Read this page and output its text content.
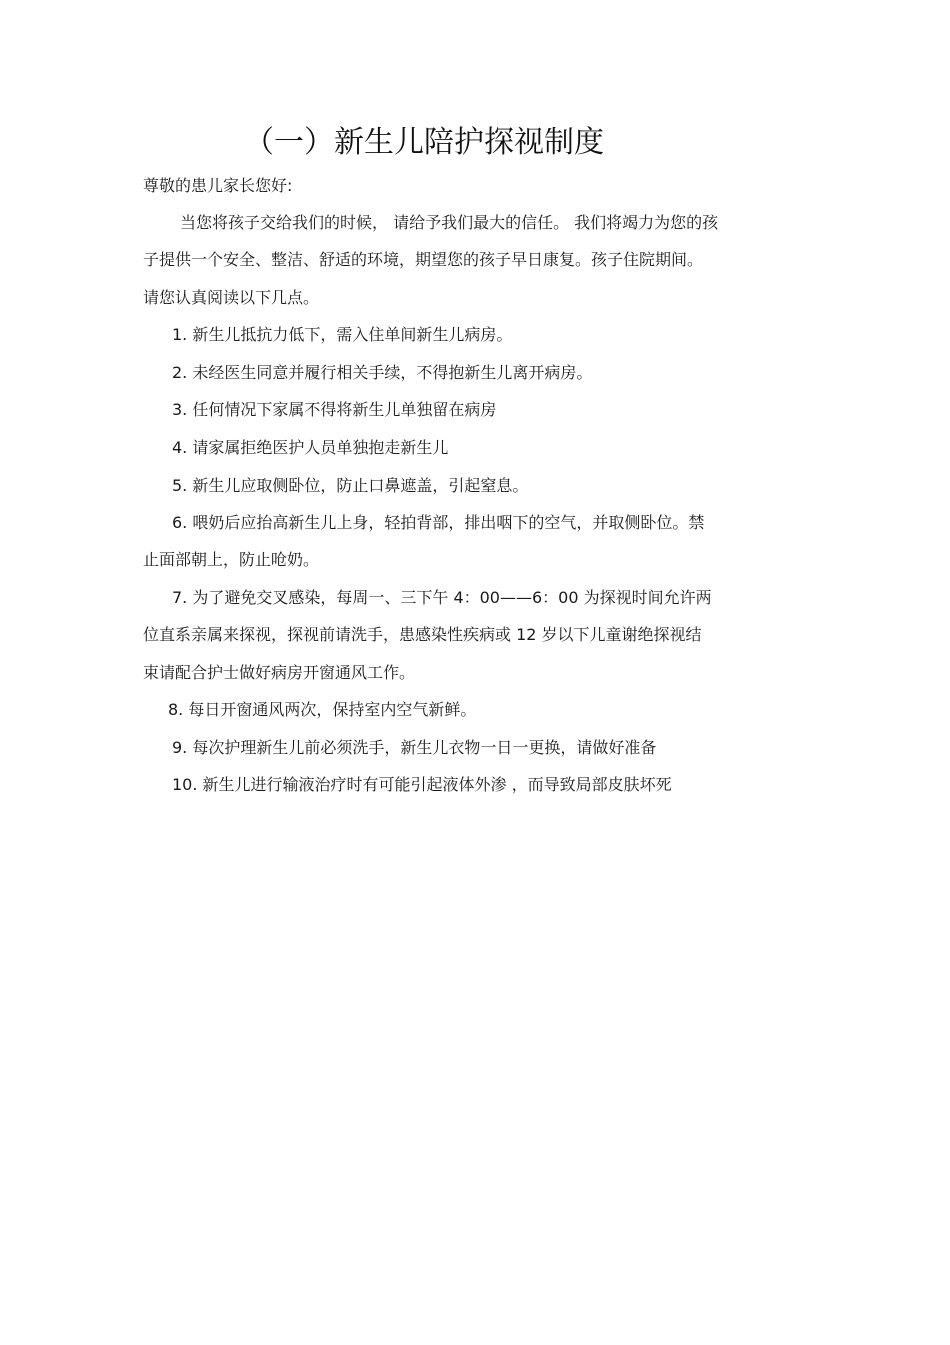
（一）新生儿陪护探视制度
尊敬的患儿家长您好:
当您将孩子交给我们的时候， 请给予我们最大的信任。 我们将竭力为您的孩
子提供一个安全、整洁、舒适的环境，期望您的孩子早日康复。孩子住院期间。
请您认真阅读以下几点。
1. 新生儿抵抗力低下，需入住单间新生儿病房。
2. 未经医生同意并履行相关手续，不得抱新生儿离开病房。
3. 任何情况下家属不得将新生儿单独留在病房
4. 请家属拒绝医护人员单独抱走新生儿
5. 新生儿应取侧卧位，防止口鼻遮盖，引起窒息。
6. 喂奶后应抬高新生儿上身，轻拍背部，排出咽下的空气，并取侧卧位。禁
止面部朝上，防止呛奶。
7. 为了避免交叉感染，每周一、三下午 4：00——6：00 为探视时间允许两
位直系亲属来探视，探视前请洗手，患感染性疾病或 12 岁以下儿童谢绝探视结
束请配合护士做好病房开窗通风工作。
8. 每日开窗通风两次，保持室内空气新鲜。
9. 每次护理新生儿前必须洗手，新生儿衣物一日一更换，请做好准备
10. 新生儿进行输液治疗时有可能引起液体外渗 ，而导致局部皮肤坏死
